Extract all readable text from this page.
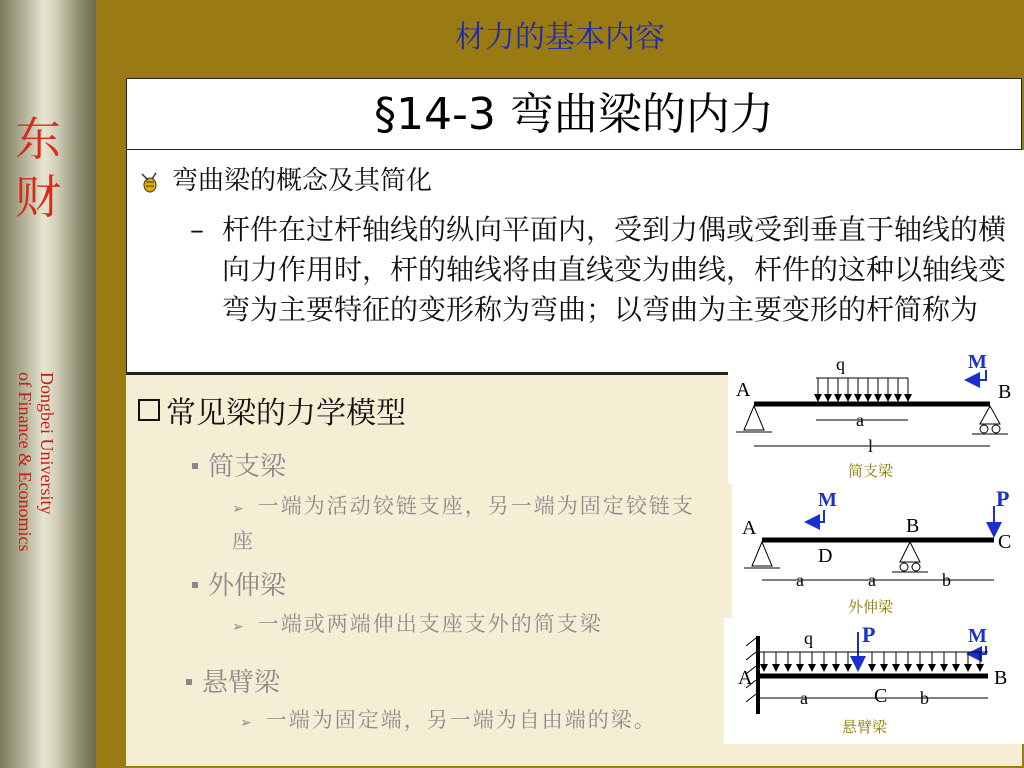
东
财
Dongbei University
of Finance & Economics
材力的基本内容
§14-3 弯曲梁的内力
弯曲梁的概念及其简化
– 杆件在过杆轴线的纵向平面内，受到力偶或受到垂直于轴线的横向力作用时，杆的轴线将由直线变为曲线，杆件的这种以轴线变弯为主要特征的变形称为弯曲；以弯曲为主要变形的杆简称为
常见梁的力学模型
简支梁
➢ 一端为活动铰链支座，另一端为固定铰链支座
外伸梁
➢ 一端或两端伸出支座支外的简支梁
悬臂梁
➢ 一端为固定端，另一端为自由端的梁。
q
A	B
M
a
l
简支梁
M	P
A	B
C
D
a	a	b
外伸梁
q P	M
A	B
a	C b
悬臂梁
